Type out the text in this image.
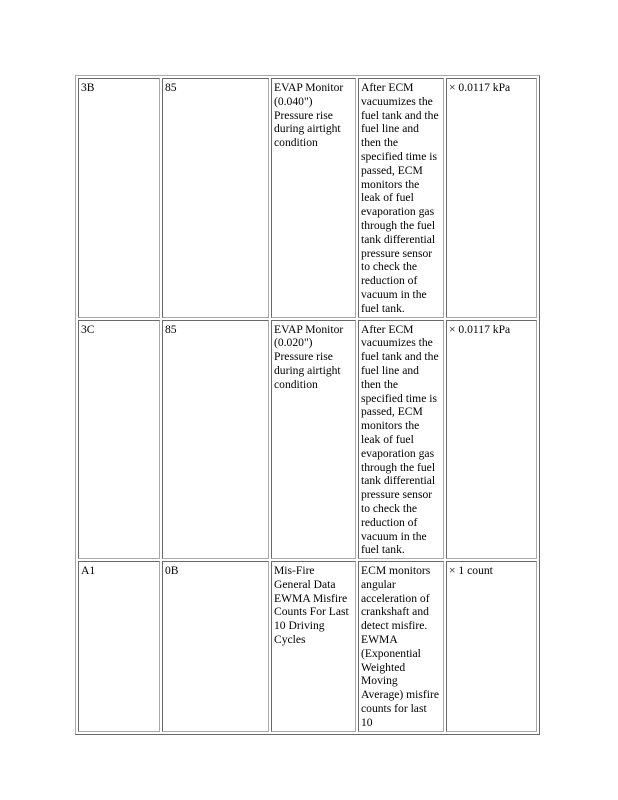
3B	85	EVAP Monitor (0.040") Pressure rise during airtight condition	After ECM vacuumizes the fuel tank and the fuel line and then the specified time is passed, ECM monitors the leak of fuel evaporation gas through the fuel tank differential pressure sensor to check the reduction of vacuum in the fuel tank.	× 0.0117 kPa
3C	85	EVAP Monitor (0.020") Pressure rise during airtight condition	After ECM vacuumizes the fuel tank and the fuel line and then the specified time is passed, ECM monitors the leak of fuel evaporation gas through the fuel tank differential pressure sensor to check the reduction of vacuum in the fuel tank.	× 0.0117 kPa
A1	0B	Mis-Fire General Data EWMA Misfire Counts For Last 10 Driving Cycles	ECM monitors angular acceleration of crankshaft and detect misfire. EWMA (Exponential Weighted Moving Average) misfire counts for last 10	× 1 count
